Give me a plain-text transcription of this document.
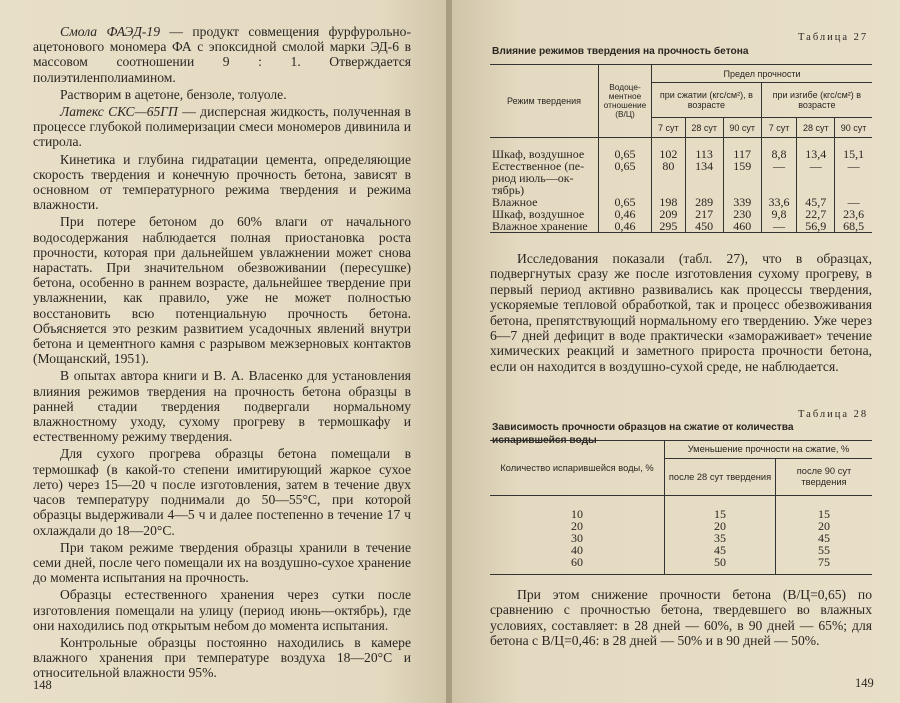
Смола ФАЭД-19 — продукт совмещения фурфурольно-ацетонового мономера ФА с эпоксидной смолой марки ЭД-6 в массовом соотношении 9 : 1. Отверждается полиэтиленполиамином.

Растворим в ацетоне, бензоле, толуоле.

Латекс СКС—65ГП — дисперсная жидкость, полученная в процессе глубокой полимеризации смеси мономеров дивинила и стирола.

Кинетика и глубина гидратации цемента, определяющие скорость твердения и конечную прочность бетона, зависят в основном от температурного режима твердения и режима влажности.

При потере бетоном до 60% влаги от начального водосодержания наблюдается полная приостановка роста прочности, которая при дальнейшем увлажнении может снова нарастать. При значительном обезвоживании (пересушке) бетона, особенно в раннем возрасте, дальнейшее твердение при увлажнении, как правило, уже не может полностью восстановить всю потенциальную прочность бетона. Объясняется это резким развитием усадочных явлений внутри бетона и цементного камня с разрывом межзерновых контактов (Мощанский, 1951).

В опытах автора книги и В. А. Власенко для установления влияния режимов твердения на прочность бетона образцы в ранней стадии твердения подвергали нормальному влажностному уходу, сухому прогреву в термошкафу и естественному режиму твердения.

Для сухого прогрева образцы бетона помещали в термошкаф (в какой-то степени имитирующий жаркое сухое лето) через 15—20 ч после изготовления, затем в течение двух часов температуру поднимали до 50—55°С, при которой образцы выдерживали 4—5 ч и далее постепенно в течение 17 ч охлаждали до 18—20°С.

При таком режиме твердения образцы хранили в течение семи дней, после чего помещали их на воздушно-сухое хранение до момента испытания на прочность.

Образцы естественного хранения через сутки после изготовления помещали на улицу (период июнь—октябрь), где они находились под открытым небом до момента испытания.

Контрольные образцы постоянно находились в камере влажного хранения при температуре воздуха 18—20°С и относительной влажности 95%.

148
Таблица 27
Влияние режимов твердения на прочность бетона
Режим твердения	Водоцементное отношение (В/Ц)	Предел прочности					
		при сжатии (кгс/см²), в возрасте			при изгибе (кгс/см²) в возрасте		
		7 сут	28 сут	90 сут	7 сут	28 сут	90 сут

Шкаф, воздушное	0,65	102	113	117	8,8	13,4	15,1
Естественное (пе-	0,65	80	134	159	—	—	—
риод июль—ок-							
тябрь)							
Влажное	0,65	198	289	339	33,6	45,7	—
Шкаф, воздушное	0,46	209	217	230	9,8	22,7	23,6
Влажное хранение	0,46	295	450	460	—	56,9	68,5

Исследования показали (табл. 27), что в образцах, подвергнутых сразу же после изготовления сухому прогреву, в первый период активно развивались как процессы твердения, ускоряемые тепловой обработкой, так и процесс обезвоживания бетона, препятствующий нормальному его твердению. Уже через 6—7 дней дефицит в воде практически «замораживает» течение химических реакций и заметного прироста прочности бетона, если он находится в воздушно-сухой среде, не наблюдается.

Таблица 28
Зависимость прочности образцов на сжатие от количества испарившейся воды
Количество испарившейся воды, %	Уменьшение прочности на сжатие, %	
	после 28 сут твердения	после 90 сут твердения

10	15	15
20	20	20
30	35	45
40	45	55
60	50	75

При этом снижение прочности бетона (В/Ц=0,65) по сравнению с прочностью бетона, твердевшего во влажных условиях, составляет: в 28 дней — 60%, в 90 дней — 65%; для бетона с В/Ц=0,46: в 28 дней — 50% и в 90 дней — 50%.

149
